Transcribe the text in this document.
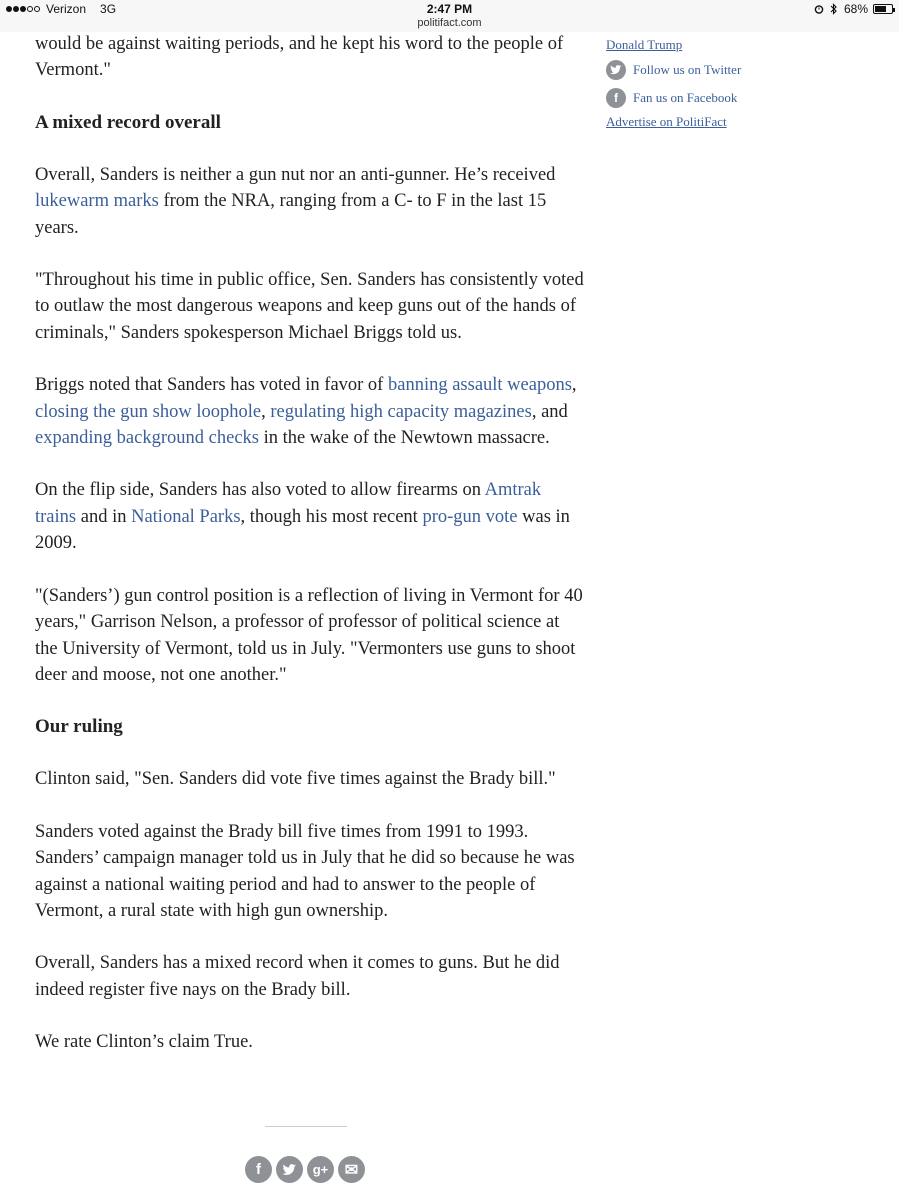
Verizon 3G	2:47 PM
politifact.com
68%

would be against waiting periods, and he kept his word to the people of Vermont."

A mixed record overall

Overall, Sanders is neither a gun nut nor an anti-gunner. He’s received lukewarm marks from the NRA, ranging from a C- to F in the last 15 years.

"Throughout his time in public office, Sen. Sanders has consistently voted to outlaw the most dangerous weapons and keep guns out of the hands of criminals," Sanders spokesperson Michael Briggs told us.

Briggs noted that Sanders has voted in favor of banning assault weapons, closing the gun show loophole, regulating high capacity magazines, and expanding background checks in the wake of the Newtown massacre.

On the flip side, Sanders has also voted to allow firearms on Amtrak trains and in National Parks, though his most recent pro-gun vote was in 2009.

"(Sanders’) gun control position is a reflection of living in Vermont for 40 years," Garrison Nelson, a professor of professor of political science at the University of Vermont, told us in July. "Vermonters use guns to shoot deer and moose, not one another."

Our ruling

Clinton said, "Sen. Sanders did vote five times against the Brady bill."

Sanders voted against the Brady bill five times from 1991 to 1993. Sanders’ campaign manager told us in July that he did so because he was against a national waiting period and had to answer to the people of Vermont, a rural state with high gun ownership.

Overall, Sanders has a mixed record when it comes to guns. But he did indeed register five nays on the Brady bill.

We rate Clinton’s claim True.

Donald Trump
Follow us on Twitter
f	Fan us on Facebook
Advertise on PolitiFact
f	g+	✉
